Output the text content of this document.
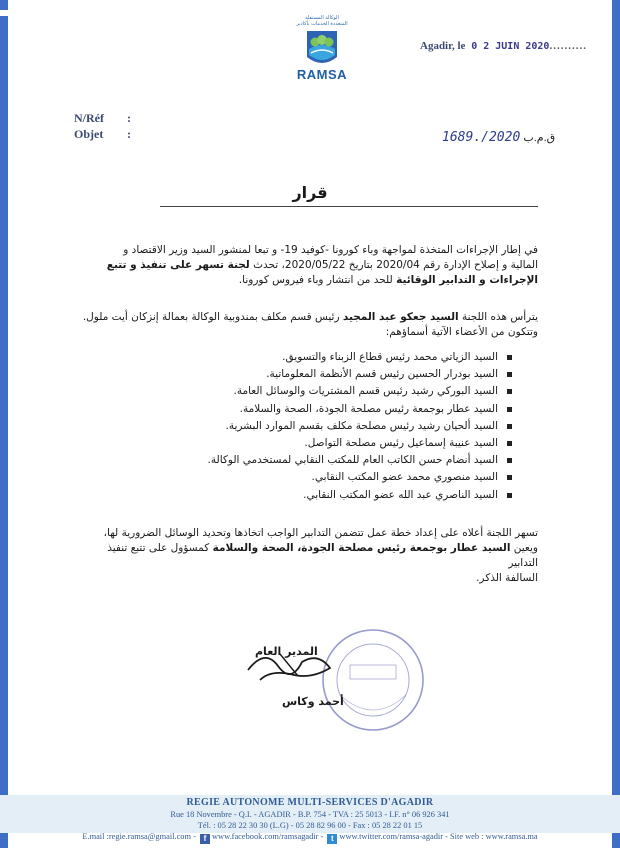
الوكالة المستقلة
المتعددة الخدمات بأكادير
RAMSA
Agadir, le 0 2 JUIN 2020..........
N/Réf :
Objet :	ق.م.ب 2020/.1689
قرار
في إطار الإجراءات المتخذة لمواجهة وباء كورونا -كوفيد 19- و تبعا لمنشور السيد وزير الاقتصاد و
المالية و إصلاح الإدارة رقم 2020/04 بتاريخ 2020/05/22، تحدث لجنة تسهر على تنفيذ و تتبع
الإجراءات و التدابير الوقائية للحد من انتشار وباء فيروس كورونا.
يترأس هذه اللجنة السيد جعكو عبد المجيد رئيس قسم مكلف بمندوبية الوكالة بعمالة إنزكان أيت ملول.
وتتكون من الأعضاء الآتية أسماؤهم:
السيد الزياتي محمد رئيس قطاع الزبناء والتسويق.
السيد بودرار الحسين رئيس قسم الأنظمة المعلوماتية.
السيد البوركي رشيد رئيس قسم المشتريات والوسائل العامة.
السيد عطار بوجمعة رئيس مصلحة الجودة، الصحة والسلامة.
السيد ألحيان رشيد رئيس مصلحة مكلف بقسم الموارد البشرية.
السيد عنيبة إسماعيل رئيس مصلحة التواصل.
السيد أنضام حسن الكاتب العام للمكتب النقابي لمستخدمي الوكالة.
السيد منصوري محمد عضو المكتب النقابي.
السيد الناصري عبد الله عضو المكتب النقابي.
تسهر اللجنة أعلاه على إعداد خطة عمل تتضمن التدابير الواجب اتخاذها وتحديد الوسائل الضرورية لها،
ويعين السيد عطار بوجمعة رئيس مصلحة الجودة، الصحة والسلامة كمسؤول على تتبع تنفيذ التدابير
السالفة الذكر.
المدير العام
أحمد وكاس
REGIE AUTONOME MULTI-SERVICES D'AGADIR
Rue 18 Novembre - Q.I. - AGADIR - B.P. 754 - TVA : 25 5013 - I.F. n° 06 926 341
Tél. : 05 28 22 30 30 (L.G) - 05 28 82 96 00 - Fax : 05 28 22 01 15
E.mail :regie.ramsa@gmail.com - f www.facebook.com/ramsagadir - t www.twitter.com/ramsa-agadir - Site web : www.ramsa.ma
